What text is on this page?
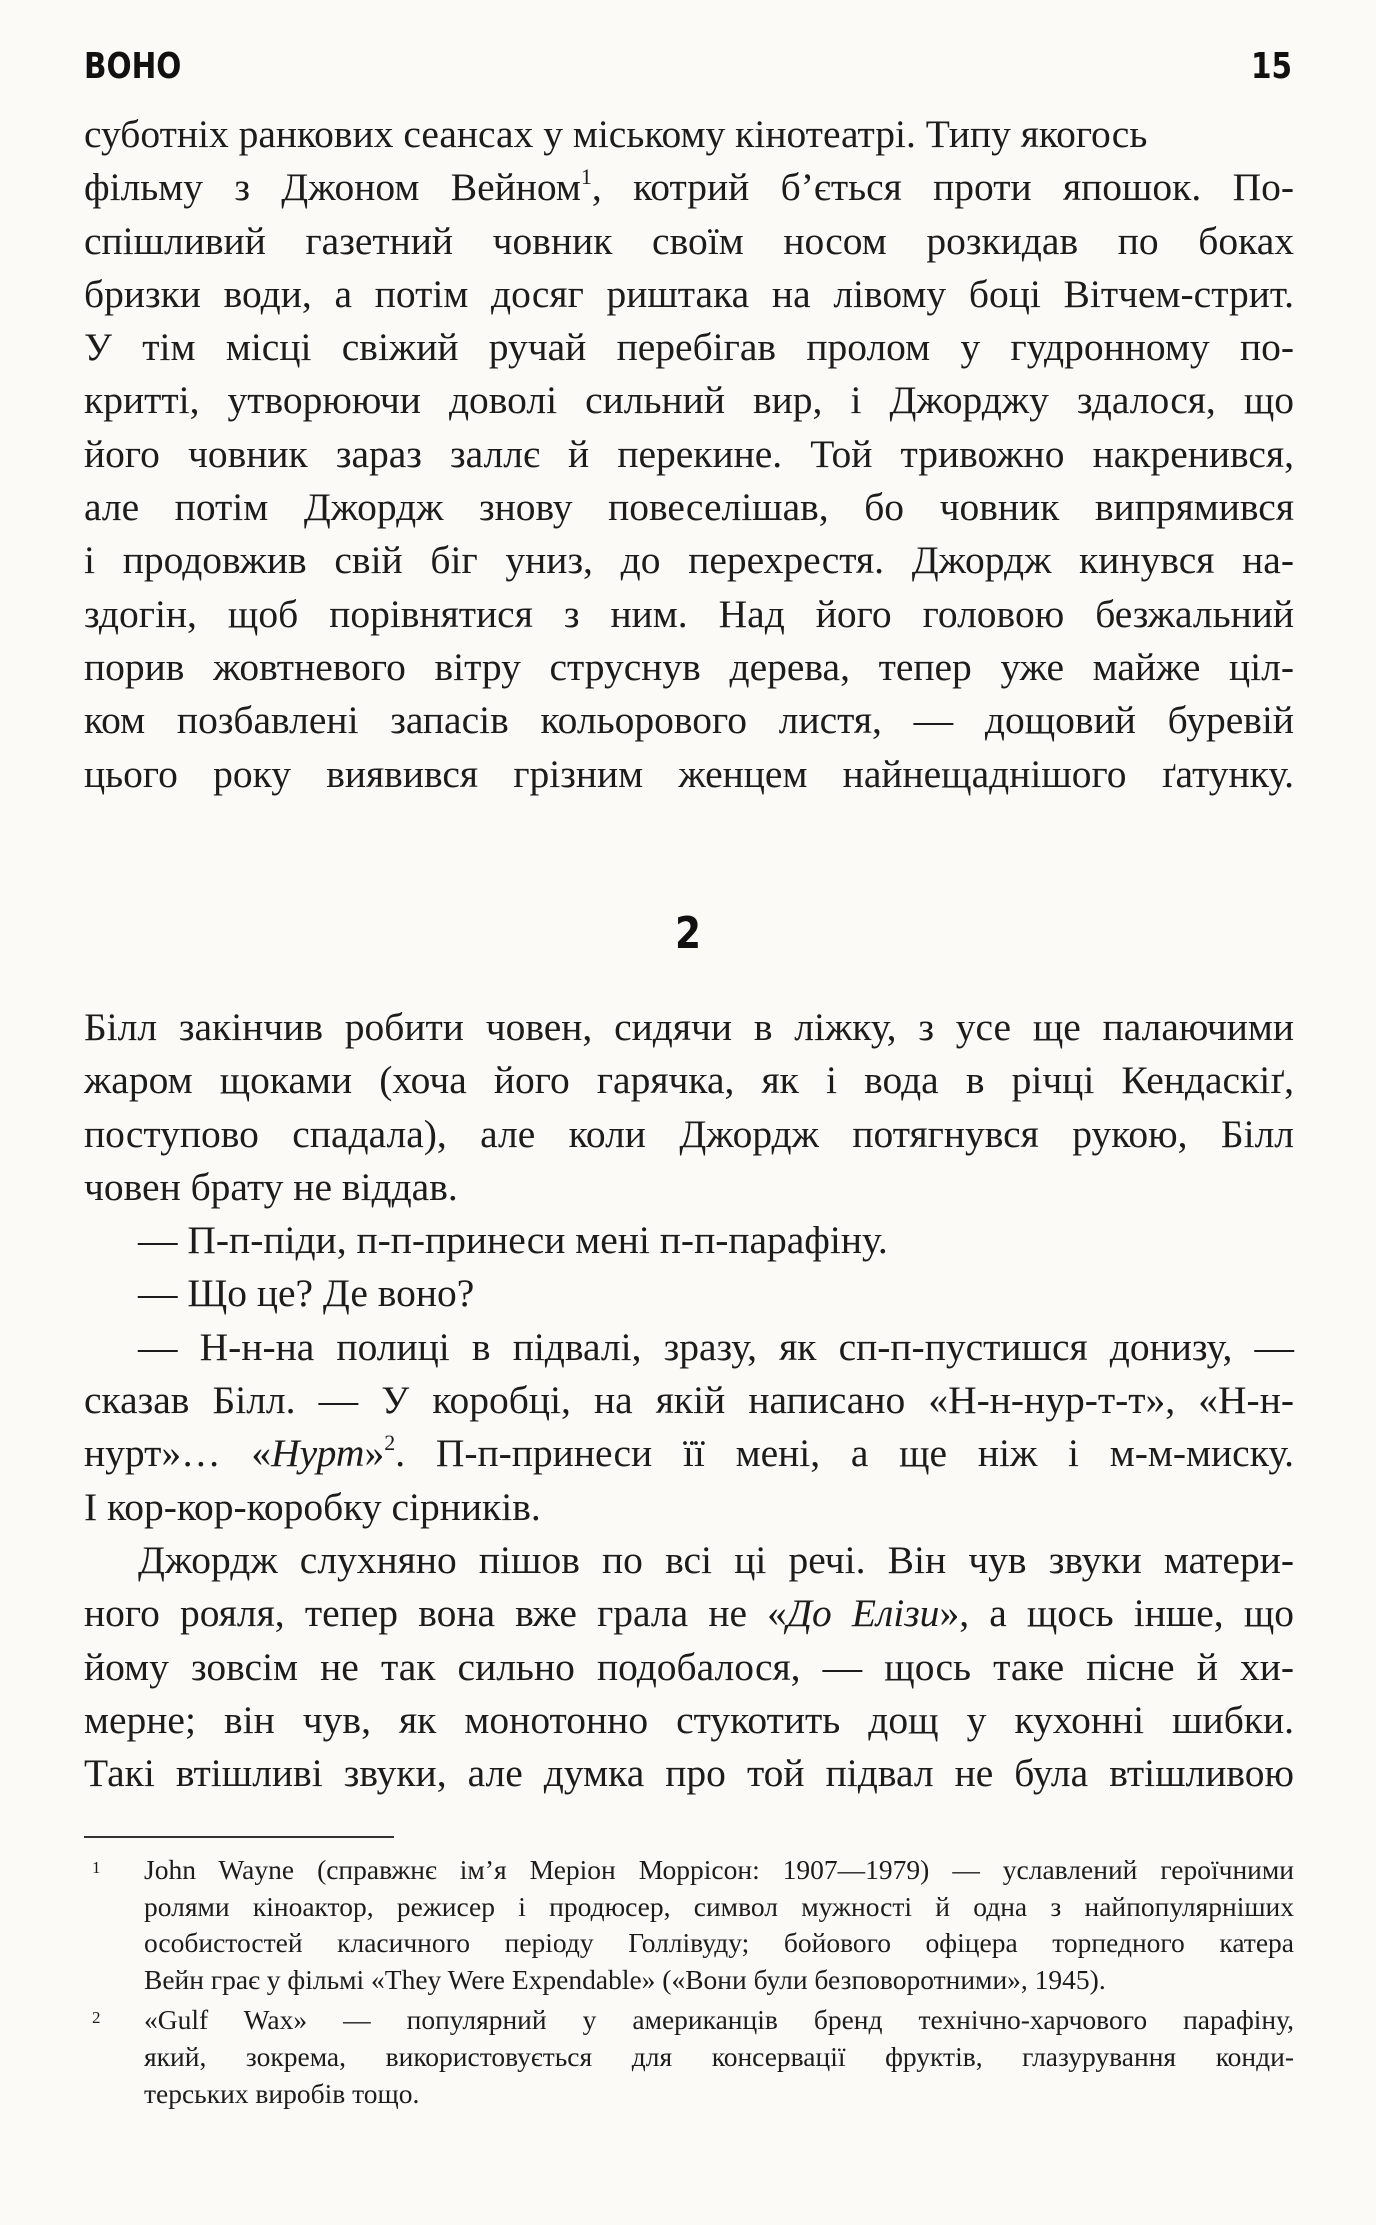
ВОНО	15

суботніх ранкових сеансах у міському кінотеатрі. Типу якогось

фільму з Джоном Вейном$^1$, котрий б’ється проти япошок. По-

спішливий газетний човник своїм носом розкидав по боках

бризки води, а потім досяг риштака на лівому боці Вітчем-стрит.

У тім місці свіжий ручай перебігав пролом у гудронному по-

критті, утворюючи доволі сильний вир, і Джорджу здалося, що

його човник зараз заллє й перекине. Той тривожно накренився,

але потім Джордж знову повеселішав, бо човник випрямився

і продовжив свій біг униз, до перехрестя. Джордж кинувся на-

здогін, щоб порівнятися з ним. Над його головою безжальний

порив жовтневого вітру струснув дерева, тепер уже майже ціл-

ком позбавлені запасів кольорового листя, — дощовий буревій

цього року виявився грізним женцем найнещаднішого ґатунку.

2

Білл закінчив робити човен, сидячи в ліжку, з усе ще палаючими

жаром щоками (хоча його гарячка, як і вода в річці Кендаскіґ,

поступово спадала), але коли Джордж потягнувся рукою, Білл

човен брату не віддав.

— П-п-піди, п-п-принеси мені п-п-парафіну.

— Що це? Де воно?

— Н-н-на полиці в підвалі, зразу, як сп-п-пустишся донизу, —

сказав Білл. — У коробці, на якій написано «Н-н-нур-т-т», «Н-н-

нурт»… «Нурт»$^2$. П-п-принеси її мені, а ще ніж і м-м-миску.

І кор-кор-коробку сірників.

Джордж слухняно пішов по всі ці речі. Він чув звуки матери-

ного рояля, тепер вона вже грала не «До Елізи», а щось інше, що

йому зовсім не так сильно подобалося, — щось таке пісне й хи-

мерне; він чув, як монотонно стукотить дощ у кухонні шибки.

Такі втішливі звуки, але думка про той підвал не була втішливою

1 John Wayne (справжнє ім’я Меріон Моррісон: 1907—1979) — уславлений героїчними
ролями кіноактор, режисер і продюсер, символ мужності й одна з найпопулярніших
особистостей класичного періоду Голлівуду; бойового офіцера торпедного катера
Вейн грає у фільмі «They Were Expendable» («Вони були безповоротними», 1945).
2 «Gulf Wax» — популярний у американців бренд технічно-харчового парафіну,
який, зокрема, використовується для консервації фруктів, глазурування конди-
терських виробів тощо.
